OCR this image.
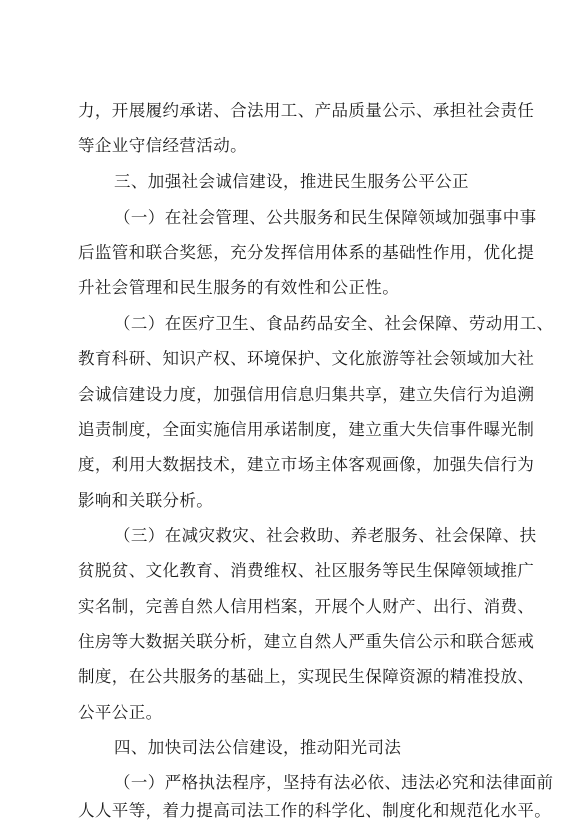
力，开展履约承诺、合法用工、产品质量公示、承担社会责任
等企业守信经营活动。
三、加强社会诚信建设，推进民生服务公平公正
（一）在社会管理、公共服务和民生保障领域加强事中事
后监管和联合奖惩，充分发挥信用体系的基础性作用，优化提
升社会管理和民生服务的有效性和公正性。
（二）在医疗卫生、食品药品安全、社会保障、劳动用工、
教育科研、知识产权、环境保护、文化旅游等社会领域加大社
会诚信建设力度，加强信用信息归集共享，建立失信行为追溯
追责制度，全面实施信用承诺制度，建立重大失信事件曝光制
度，利用大数据技术，建立市场主体客观画像，加强失信行为
影响和关联分析。
（三）在减灾救灾、社会救助、养老服务、社会保障、扶
贫脱贫、文化教育、消费维权、社区服务等民生保障领域推广
实名制，完善自然人信用档案，开展个人财产、出行、消费、
住房等大数据关联分析，建立自然人严重失信公示和联合惩戒
制度，在公共服务的基础上，实现民生保障资源的精准投放、
公平公正。
四、加快司法公信建设，推动阳光司法
（一）严格执法程序，坚持有法必依、违法必究和法律面前
人人平等，着力提高司法工作的科学化、制度化和规范化水平。
